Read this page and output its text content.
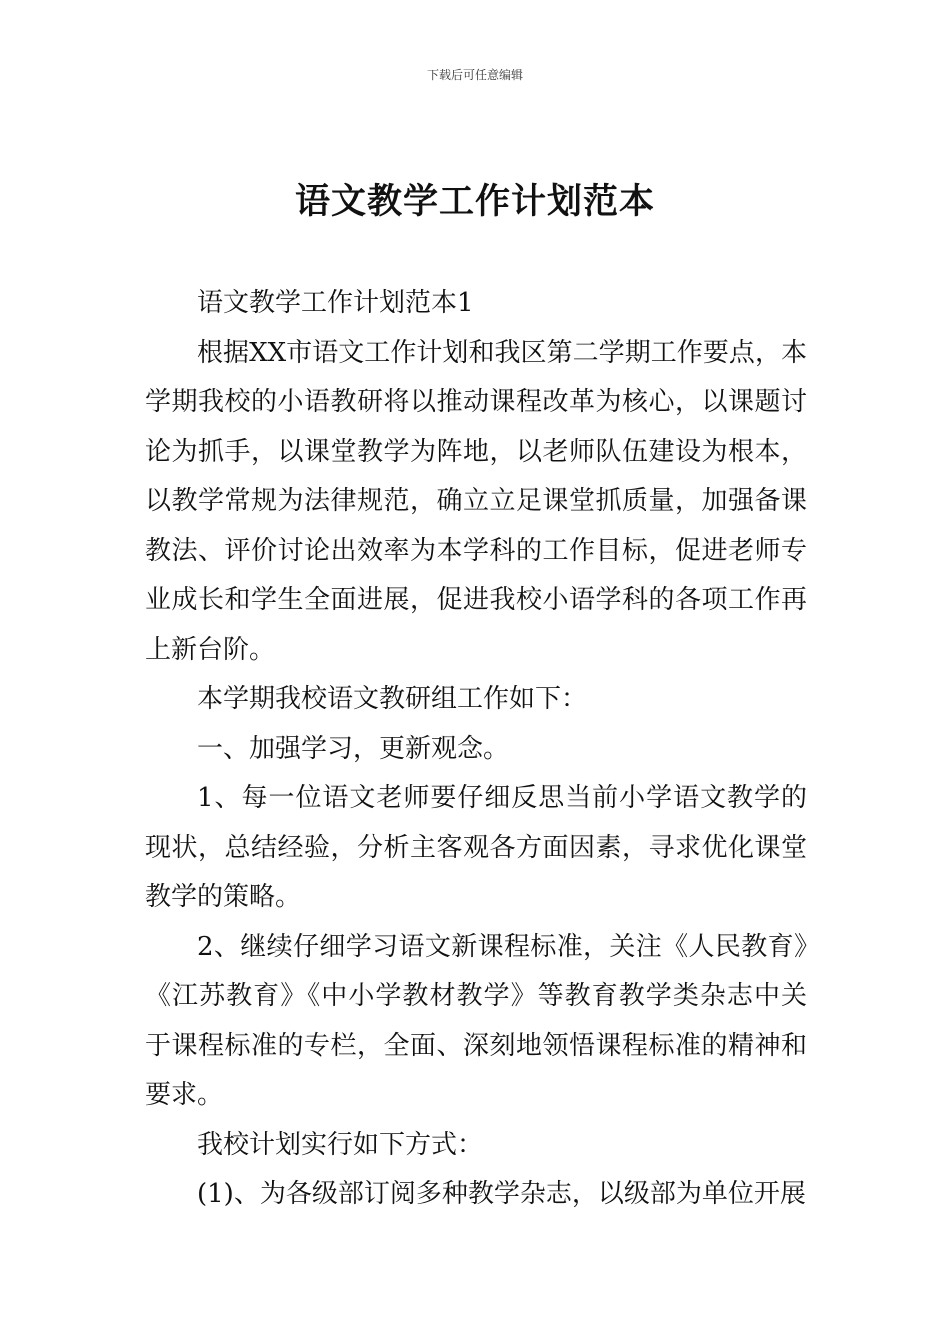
下载后可任意编辑
语文教学工作计划范本

语文教学工作计划范本1

根据XX市语文工作计划和我区第二学期工作要点，本学期我校的小语教研将以推动课程改革为核心，以课题讨论为抓手，以课堂教学为阵地，以老师队伍建设为根本，以教学常规为法律规范，确立立足课堂抓质量，加强备课教法、评价讨论出效率为本学科的工作目标，促进老师专业成长和学生全面进展，促进我校小语学科的各项工作再上新台阶。

本学期我校语文教研组工作如下：

一、加强学习，更新观念。

1、每一位语文老师要仔细反思当前小学语文教学的现状，总结经验，分析主客观各方面因素，寻求优化课堂教学的策略。

2、继续仔细学习语文新课程标准，关注《人民教育》《江苏教育》《中小学教材教学》等教育教学类杂志中关于课程标准的专栏，全面、深刻地领悟课程标准的精神和要求。

我校计划实行如下方式：

(1)、为各级部订阅多种教学杂志，以级部为单位开展
